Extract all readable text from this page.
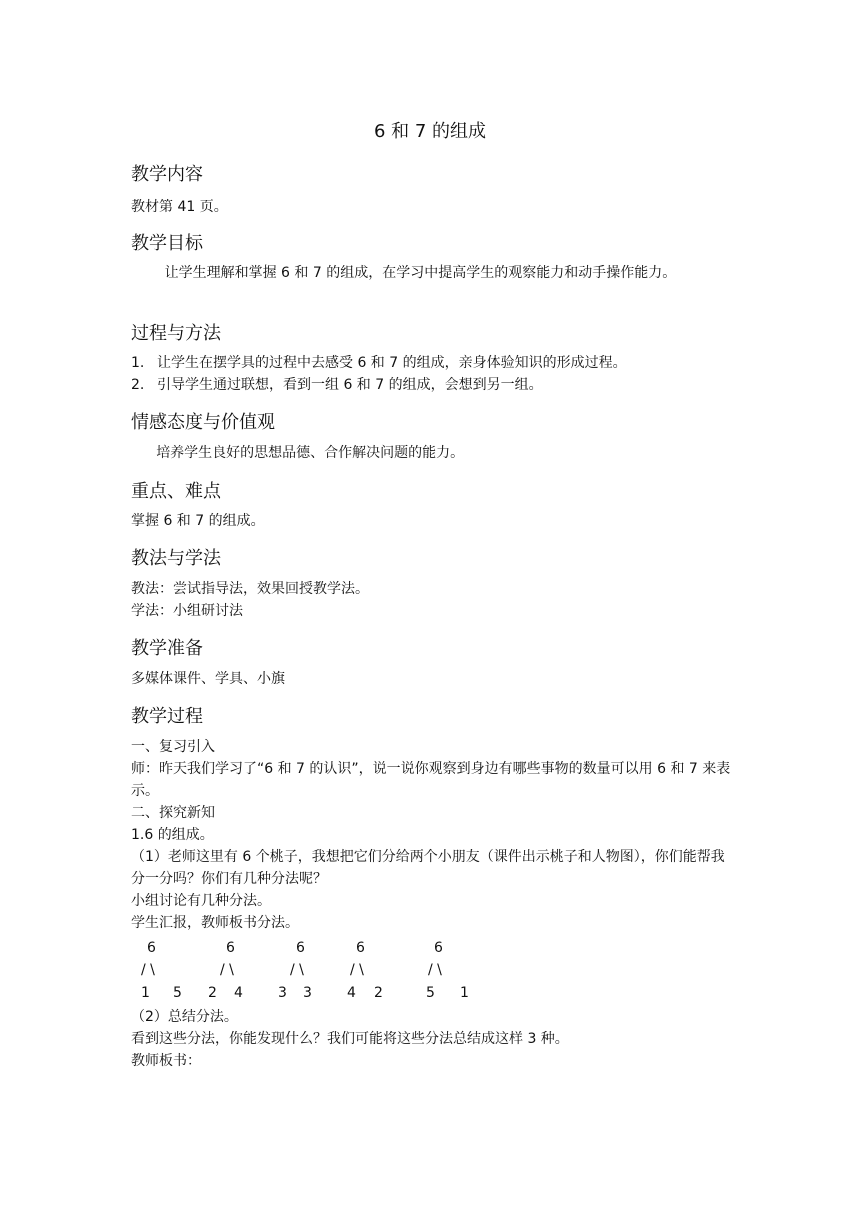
6 和 7 的组成
教学内容
教材第 41 页。
教学目标
让学生理解和掌握 6 和 7 的组成，在学习中提高学生的观察能力和动手操作能力。
过程与方法
1. 让学生在摆学具的过程中去感受 6 和 7 的组成，亲身体验知识的形成过程。
2. 引导学生通过联想，看到一组 6 和 7 的组成，会想到另一组。
情感态度与价值观
培养学生良好的思想品德、合作解决问题的能力。
重点、难点
掌握 6 和 7 的组成。
教法与学法
教法：尝试指导法，效果回授教学法。
学法：小组研讨法
教学准备
多媒体课件、学具、小旗
教学过程
一、复习引入
师：昨天我们学习了“6 和 7 的认识”，说一说你观察到身边有哪些事物的数量可以用 6 和 7 来表示。
二、探究新知
1.6 的组成。
（1）老师这里有 6 个桃子，我想把它们分给两个小朋友（课件出示桃子和人物图），你们能帮我分一分吗？你们有几种分法呢？
小组讨论有几种分法。
学生汇报，教师板书分法。
6
/ \
1 5
6
/ \
2 4
6
/ \
3 3
6
/ \
4 2
6
/ \
5 1
（2）总结分法。
看到这些分法，你能发现什么？我们可能将这些分法总结成这样 3 种。
教师板书：
